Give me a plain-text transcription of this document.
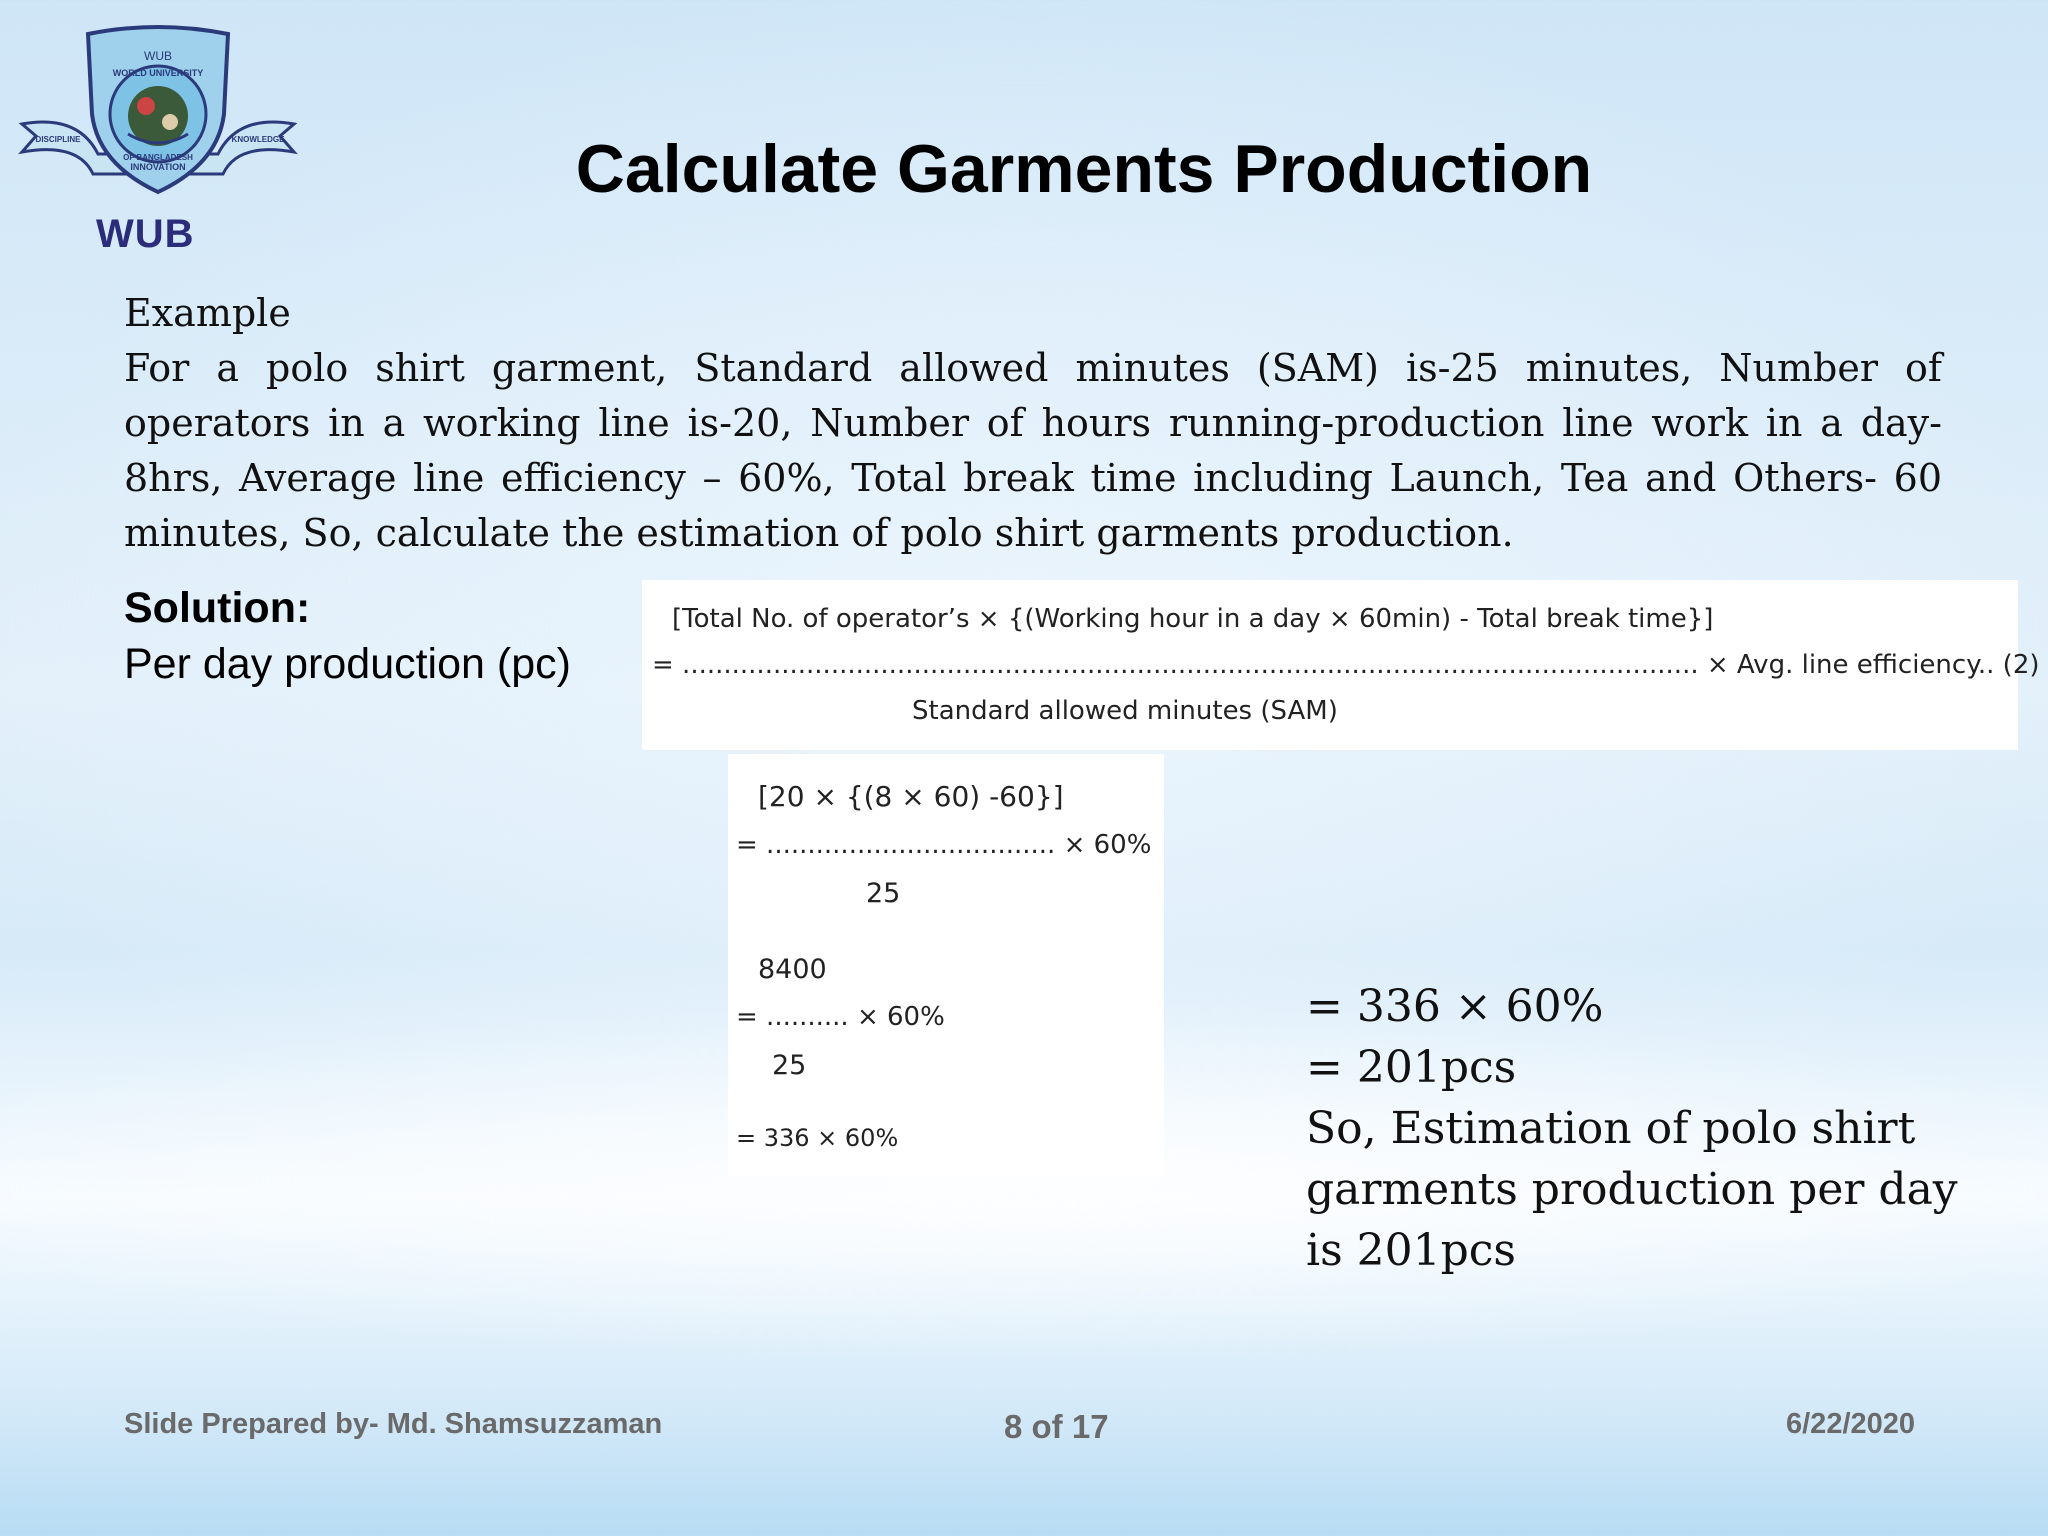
WUB
WORLD UNIVERSITY
OF BANGLADESH
DISCIPLINE
INNOVATION
KNOWLEDGE
WUB
Calculate Garments Production
Example
For a polo shirt garment, Standard allowed minutes (SAM) is-25 minutes, Number of operators in a working line is-20, Number of hours running-production line work in a day-8hrs, Average line efficiency – 60%, Total break time including Launch, Tea and Others- 60 minutes, So, calculate the estimation of polo shirt garments production.
Solution:
Per day production (pc)
[Total No. of operator’s × {(Working hour in a day × 60min) - Total break time}]
= ........................................................................................................................... × Avg. line efficiency.. (2)
Standard allowed minutes (SAM)
[20 × {(8 × 60) -60}]
= ................................... × 60%
25
8400
= .......... × 60%
25
= 336 × 60%
= 336 × 60%
= 201pcs
So, Estimation of polo shirt garments production per day is 201pcs
Slide Prepared by- Md. Shamsuzzaman	8 of 17	6/22/2020
